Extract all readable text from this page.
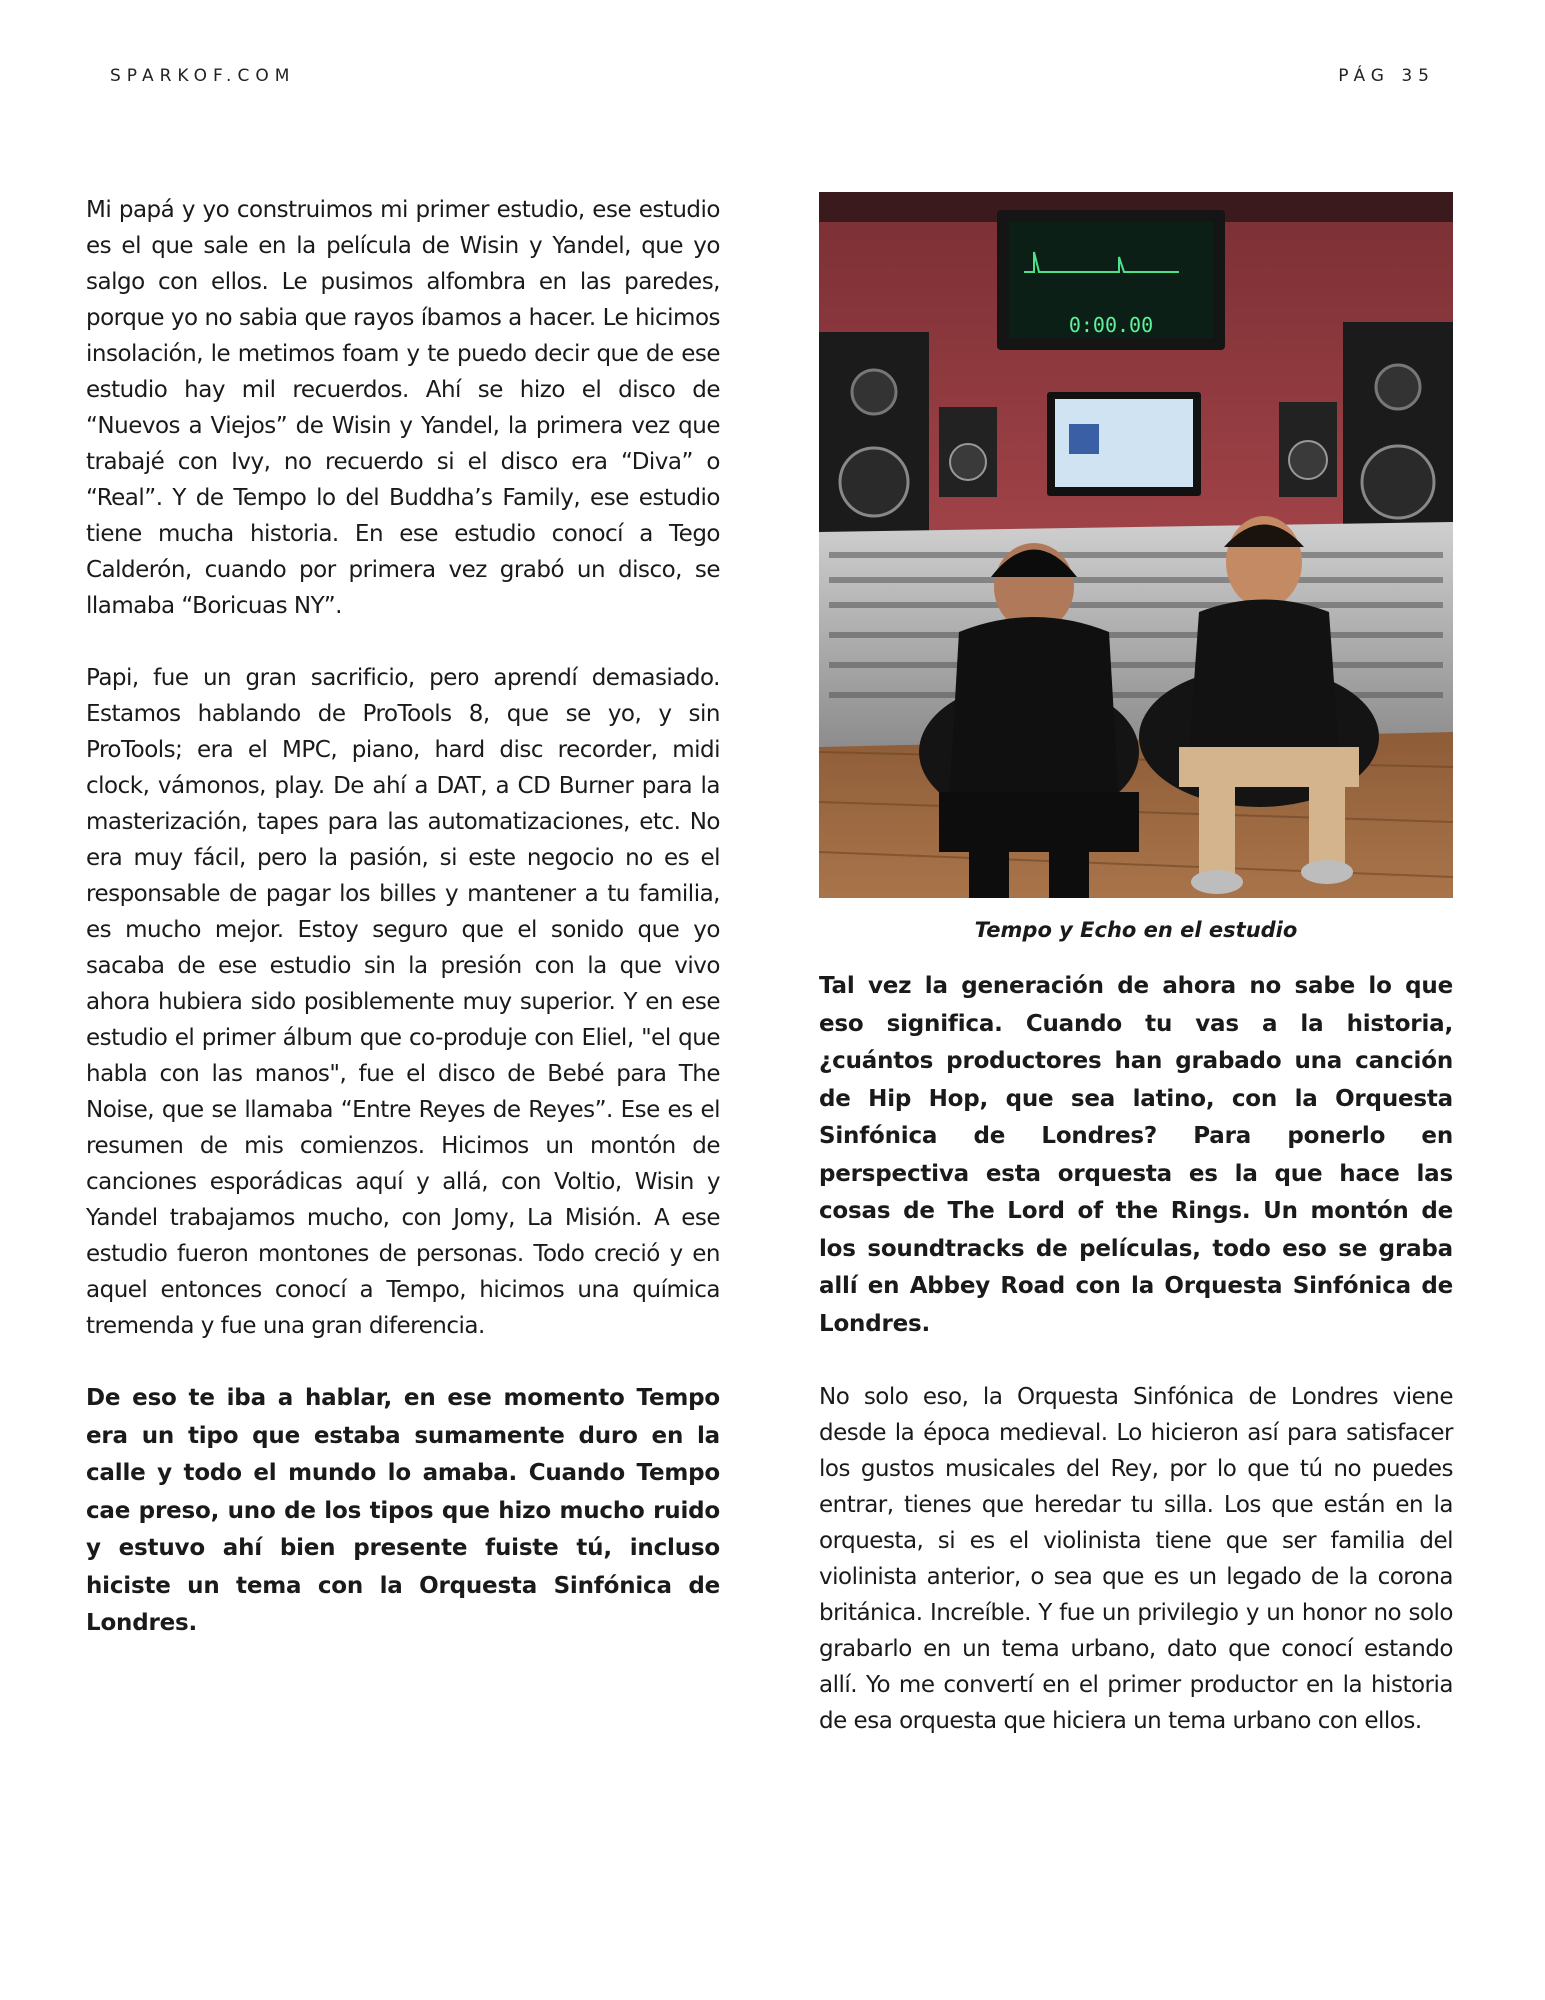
SPARKOF.COM	PÁG 35

Mi papá y yo construimos mi primer estudio, ese estudio es el que sale en la película de Wisin y Yandel, que yo salgo con ellos. Le pusimos alfombra en las paredes, porque yo no sabia que rayos íbamos a hacer. Le hicimos insolación, le metimos foam y te puedo decir que de ese estudio hay mil recuerdos. Ahí se hizo el disco de “Nuevos a Viejos” de Wisin y Yandel, la primera vez que trabajé con Ivy, no recuerdo si el disco era “Diva” o “Real”. Y de Tempo lo del Buddha’s Family, ese estudio tiene mucha historia. En ese estudio conocí a Tego Calderón, cuando por primera vez grabó un disco, se llamaba “Boricuas NY”.

Papi, fue un gran sacrificio, pero aprendí demasiado. Estamos hablando de ProTools 8, que se yo, y sin ProTools; era el MPC, piano, hard disc recorder, midi clock, vámonos, play. De ahí a DAT, a CD Burner para la masterización, tapes para las automatizaciones, etc. No era muy fácil, pero la pasión, si este negocio no es el responsable de pagar los billes y mantener a tu familia, es mucho mejor. Estoy seguro que el sonido que yo sacaba de ese estudio sin la presión con la que vivo ahora hubiera sido posiblemente muy superior. Y en ese estudio el primer álbum que co-produje con Eliel, "el que habla con las manos", fue el disco de Bebé para The Noise, que se llamaba “Entre Reyes de Reyes”. Ese es el resumen de mis comienzos. Hicimos un montón de canciones esporádicas aquí y allá, con Voltio, Wisin y Yandel trabajamos mucho, con Jomy, La Misión. A ese estudio fueron montones de personas. Todo creció y en aquel entonces conocí a Tempo, hicimos una química tremenda y fue una gran diferencia.

De eso te iba a hablar, en ese momento Tempo era un tipo que estaba sumamente duro en la calle y todo el mundo lo amaba. Cuando Tempo cae preso, uno de los tipos que hizo mucho ruido y estuvo ahí bien presente fuiste tú, incluso hiciste un tema con la Orquesta Sinfónica de Londres.

0:00.00
Tempo y Echo en el estudio

Tal vez la generación de ahora no sabe lo que eso significa. Cuando tu vas a la historia, ¿cuántos productores han grabado una canción de Hip Hop, que sea latino, con la Orquesta Sinfónica de Londres? Para ponerlo en perspectiva esta orquesta es la que hace las cosas de The Lord of the Rings. Un montón de los soundtracks de películas, todo eso se graba allí en Abbey Road con la Orquesta Sinfónica de Londres.

No solo eso, la Orquesta Sinfónica de Londres viene desde la época medieval. Lo hicieron así para satisfacer los gustos musicales del Rey, por lo que tú no puedes entrar, tienes que heredar tu silla. Los que están en la orquesta, si es el violinista tiene que ser familia del violinista anterior, o sea que es un legado de la corona británica. Increíble. Y fue un privilegio y un honor no solo grabarlo en un tema urbano, dato que conocí estando allí. Yo me convertí en el primer productor en la historia de esa orquesta que hiciera un tema urbano con ellos.
